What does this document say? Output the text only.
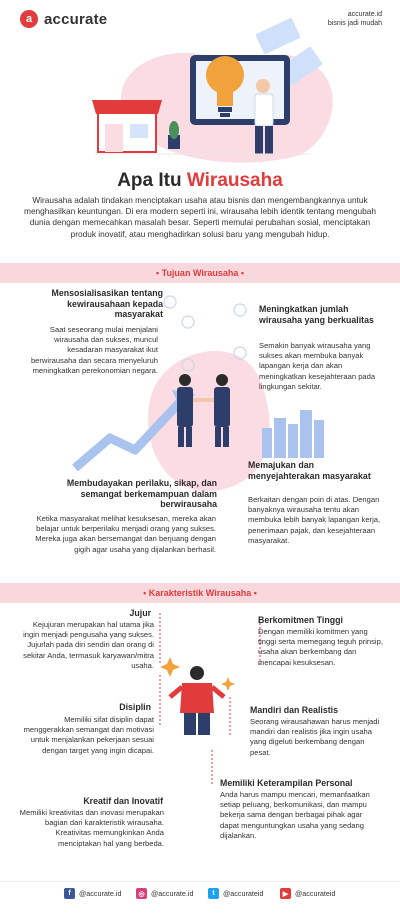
a accurate	accurate.id
bisnis jadi mudah
Apa Itu Wirausaha
Wirausaha adalah tindakan menciptakan usaha atau bisnis dan mengembangkannya untuk menghasilkan keuntungan. Di era modern seperti ini, wirausaha lebih identik tentang mengubah dunia dengan memecahkan masalah besar. Seperti memulai perubahan sosial, menciptakan produk inovatif, atau menghadirkan solusi baru yang mengubah hidup.
• Tujuan Wirausaha •
Mensosialisasikan tentang kewirausahaan kepada masyarakat
Saat seseorang mulai menjalani wirausaha dan sukses, muncul kesadaran masyarakat ikut berwirausaha dan secara menyeluruh meningkatkan perekonomian negara.
Meningkatkan jumlah wirausaha yang berkualitas
Semakin banyak wirausaha yang sukses akan membuka banyak lapangan kerja dan akan meningkatkan kesejahteraan pada lingkungan sekitar.
Membudayakan perilaku, sikap, dan semangat berkemampuan dalam berwirausaha
Ketika masyarakat melihat kesuksesan, mereka akan belajar untuk berperilaku menjadi orang yang sukses. Mereka juga akan bersemangat dan berjuang dengan gigih agar usaha yang dijalankan berhasil.
Memajukan dan menyejahterakan masyarakat
Berkaitan dengan poin di atas. Dengan banyaknya wirausaha tentu akan membuka lebih banyak lapangan kerja, penerimaan pajak, dan kesejahteraan masyarakat.
• Karakteristik Wirausaha •
Jujur
Kejujuran merupakan hal utama jika ingin menjadi pengusaha yang sukses. Jujurlah pada diri sendiri dan orang di sekitar Anda, termasuk karyawan/mitra usaha.
Berkomitmen Tinggi
Dengan memiliki komitmen yang tinggi serta memegang teguh prinsip, usaha akan berkembang dan mencapai kesuksesan.
Disiplin
Memiliki sifat disiplin dapat menggerakkan semangat dan motivasi untuk menjalankan pekerjaan sesuai dengan target yang ingin dicapai.
Mandiri dan Realistis
Seorang wirausahawan harus menjadi mandiri dan realistis jika ingin usaha yang digeluti berkembang dengan pesat.
Kreatif dan Inovatif
Memiliki kreativitas dan inovasi merupakan bagian dari karakteristik wirausaha. Kreativitas memungkinkan Anda menciptakan hal yang berbeda.
Memiliki Keterampilan Personal
Anda harus mampu mencari, memanfaatkan setiap peluang, berkomunikasi, dan mampu bekerja sama dengan berbagai pihak agar dapat menguntungkan usaha yang sedang dijalankan.
f	@accurate.id	◎ @accurate.id	t	@accurateid	▶ @accurateid
